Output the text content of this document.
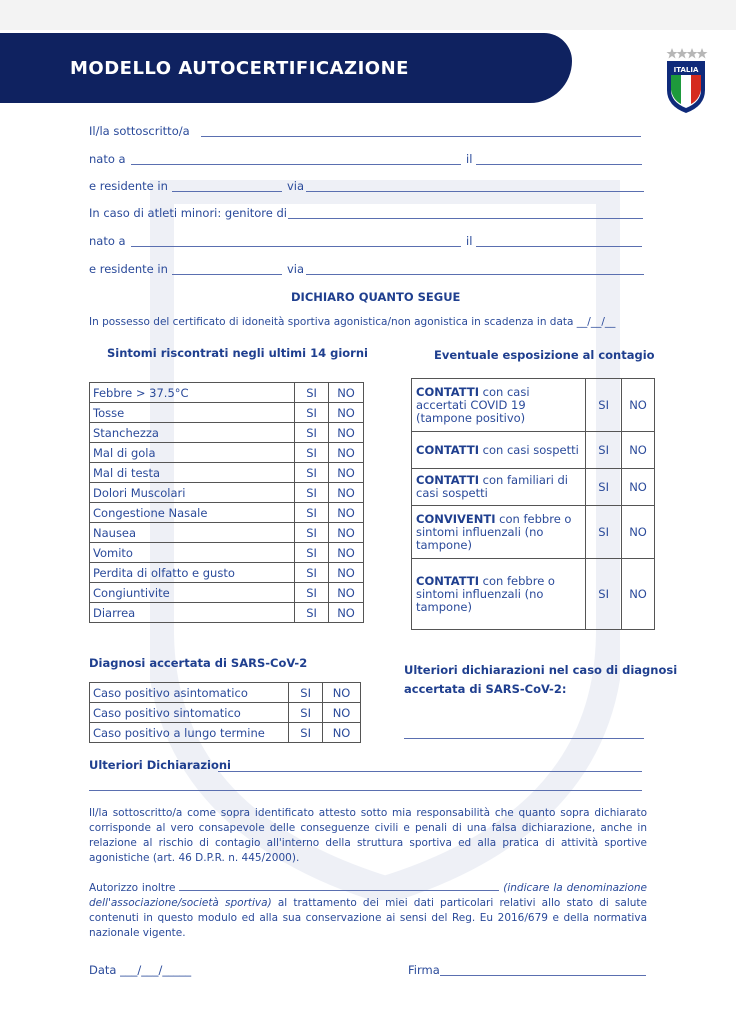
MODELLO AUTOCERTIFICAZIONE	ITALIA
Il/la sottoscritto/a
nato a	il
e residente in	via
In caso di atleti minori: genitore di
nato a	il
e residente in	via
DICHIARO QUANTO SEGUE
In possesso del certificato di idoneità sportiva agonistica/non agonistica in scadenza in data __/__/__
Sintomi riscontrati negli ultimi 14 giorni
Febbre > 37.5°C	SI	NO
Tosse	SI	NO
Stanchezza	SI	NO
Mal di gola	SI	NO
Mal di testa	SI	NO
Dolori Muscolari	SI	NO
Congestione Nasale	SI	NO
Nausea	SI	NO
Vomito	SI	NO
Perdita di olfatto e gusto	SI	NO
Congiuntivite	SI	NO
Diarrea	SI	NO
Eventuale esposizione al contagio
CONTATTI con casi accertati COVID 19 (tampone positivo)	SI	NO
CONTATTI con casi sospetti	SI	NO
CONTATTI con familiari di casi sospetti	SI	NO
CONVIVENTI con febbre o sintomi influenzali (no tampone)	SI	NO
CONTATTI con febbre o sintomi influenzali (no tampone)	SI	NO
Diagnosi accertata di SARS-CoV-2
Caso positivo asintomatico	SI	NO
Caso positivo sintomatico	SI	NO
Caso positivo a lungo termine	SI	NO
Ulteriori dichiarazioni nel caso di diagnosi
accertata di SARS-CoV-2:
Ulteriori Dichiarazioni
Il/la sottoscritto/a come sopra identificato attesto sotto mia responsabilità che quanto sopra dichiarato corrisponde al vero consapevole delle conseguenze civili e penali di una falsa dichiarazione, anche in relazione al rischio di contagio all'interno della struttura sportiva ed alla pratica di attività sportive agonistiche (art. 46 D.P.R. n. 445/2000).
Autorizzo inoltre	(indicare la denominazione dell'associazione/società sportiva) al trattamento dei miei dati particolari relativi allo stato di salute contenuti in questo modulo ed alla sua conservazione ai sensi del Reg. Eu 2016/679 e della normativa nazionale vigente.
Data ___/___/_____	Firma
